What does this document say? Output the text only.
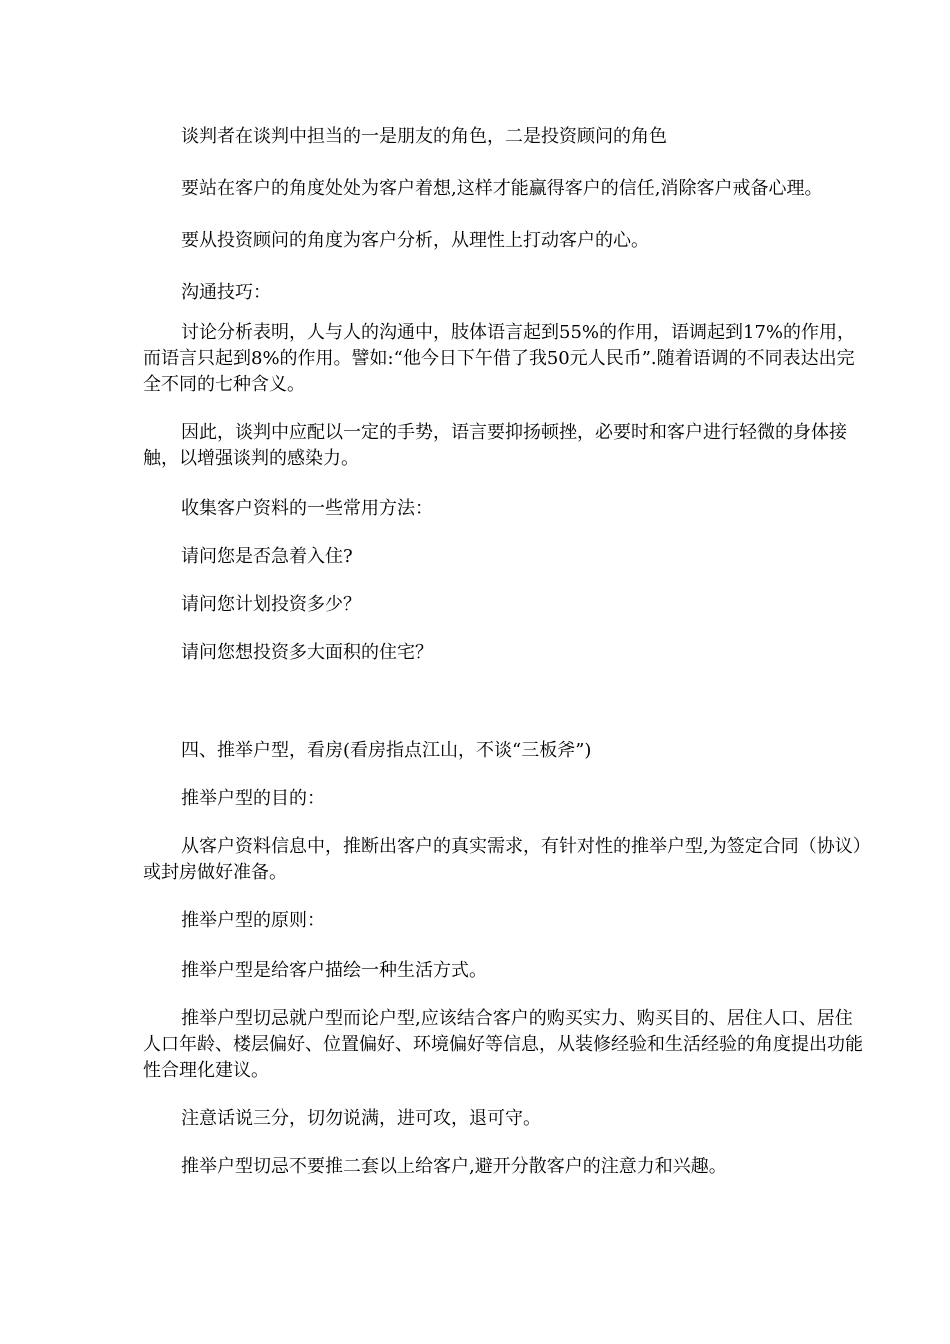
谈判者在谈判中担当的一是朋友的角色，二是投资顾问的角色

要站在客户的角度处处为客户着想,这样才能赢得客户的信任,消除客户戒备心理。

要从投资顾问的角度为客户分析，从理性上打动客户的心。

沟通技巧：

讨论分析表明，人与人的沟通中，肢体语言起到55%的作用，语调起到17%的作用，而语言只起到8%的作用。譬如:“他今日下午借了我50元人民币”.随着语调的不同表达出完全不同的七种含义。

因此，谈判中应配以一定的手势，语言要抑扬顿挫，必要时和客户进行轻微的身体接触，以增强谈判的感染力。

收集客户资料的一些常用方法：

请问您是否急着入住?

请问您计划投资多少？

请问您想投资多大面积的住宅？

四、推举户型，看房(看房指点江山，不谈“三板斧”)

推举户型的目的：

从客户资料信息中，推断出客户的真实需求，有针对性的推举户型,为签定合同（协议）或封房做好准备。

推举户型的原则：

推举户型是给客户描绘一种生活方式。

推举户型切忌就户型而论户型,应该结合客户的购买实力、购买目的、居住人口、居住人口年龄、楼层偏好、位置偏好、环境偏好等信息，从装修经验和生活经验的角度提出功能性合理化建议。

注意话说三分，切勿说满，进可攻，退可守。

推举户型切忌不要推二套以上给客户,避开分散客户的注意力和兴趣。
